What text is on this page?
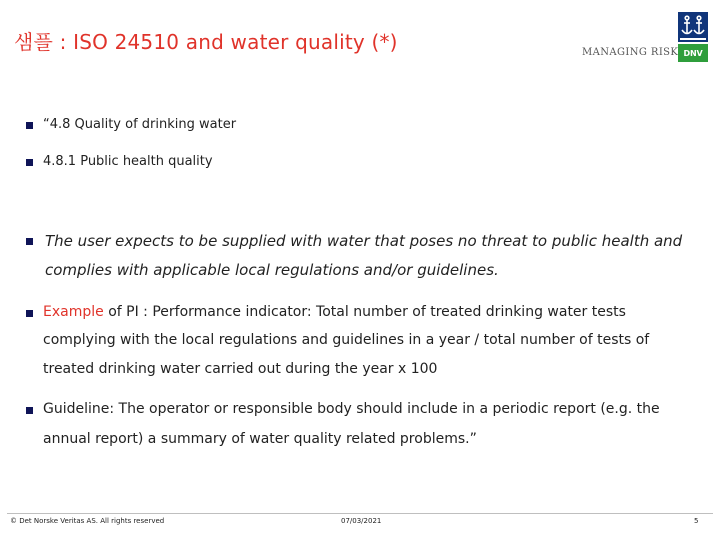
샘플 : ISO 24510 and water quality (*)	MANAGING RISK DNV
“4.8 Quality of drinking water
4.8.1 Public health quality
The user expects to be supplied with water that poses no threat to public health and
complies with applicable local regulations and/or guidelines.
Example of PI : Performance indicator: Total number of treated drinking water tests
complying with the local regulations and guidelines in a year / total number of tests of
treated drinking water carried out during the year x 100
Guideline: The operator or responsible body should include in a periodic report (e.g. the
annual report) a summary of water quality related problems.”
© Det Norske Veritas AS. All rights reserved	07/03/2021	5
